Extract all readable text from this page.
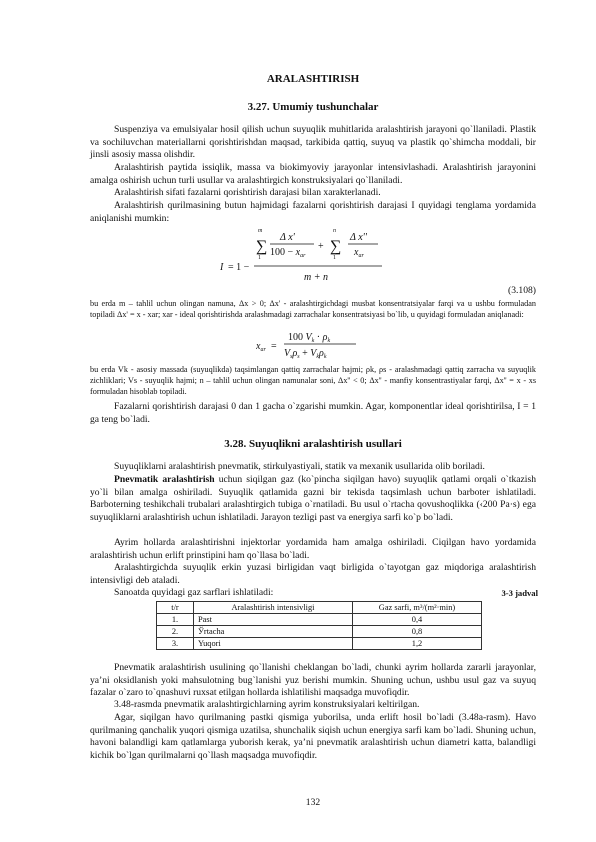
ARALASHTIRISH
3.27. Umumiy tushunchalar
Suspenziya va emulsiyalar hosil qilish uchun suyuqlik muhitlarida aralashtirish jarayoni qo`llaniladi. Plastik va sochiluvchan materiallarni qorishtirishdan maqsad, tarkibida qattiq, suyuq va plastik qo`shimcha moddali, bir jinsli asosiy massa olishdir.
Aralashtirish paytida issiqlik, massa va biokimyoviy jarayonlar intensivlashadi. Aralashtirish jarayonini amalga oshirish uchun turli usullar va aralashtirgich konstruksiyalari qo`llaniladi.
Aralashtirish sifati fazalarni qorishtirish darajasi bilan xarakterlanadi.
Aralashtirish qurilmasining butun hajmidagi fazalarni qorishtirish darajasi I quyidagi tenglama yordamida aniqlanishi mumkin:
I = 1 −
m
∑
1
Δ x'
$100 - x_{ar}$
+
n
∑
1
Δ x''
$x_{ar}$
m + n
(3.108)
bu erda m – tahlil uchun olingan namuna, Δx > 0; Δx' - aralashtirgichdagi musbat konsentratsiyalar farqi va u ushbu formuladan topiladi Δx' = x - xar; xar - ideal qorishtirishda aralashmadagi zarrachalar konsentratsiyasi bo`lib, u quyidagi formuladan aniqlanadi:
$x_{ar}$ =
100 $V_k \cdot \rho_k$
$V_s\rho_s + V_k\rho_k$
bu erda Vk - asosiy massada (suyuqlikda) taqsimlangan qattiq zarrachalar hajmi; ρk, ρs - aralashmadagi qattiq zarracha va suyuqlik zichliklari; Vs - suyuqlik hajmi; n – tahlil uchun olingan namunalar soni, Δx'' < 0; Δx'' - manfiy konsentrastiyalar farqi, Δx'' = x - xs formuladan hisoblab topiladi.
Fazalarni qorishtirish darajasi 0 dan 1 gacha o`zgarishi mumkin. Agar, komponentlar ideal qorishtirilsa, I = 1 ga teng bo`ladi.
3.28. Suyuqlikni aralashtirish usullari
Suyuqliklarni aralashtirish pnevmatik, stirkulyastiyali, statik va mexanik usullarida olib boriladi.
Pnevmatik aralashtirish uchun siqilgan gaz (ko`pincha siqilgan havo) suyuqlik qatlami orqali o`tkazish yo`li bilan amalga oshiriladi. Suyuqlik qatlamida gazni bir tekisda taqsimlash uchun barboter ishlatiladi. Barboterning teshikchali trubalari aralashtirgich tubiga o`rnatiladi. Bu usul o`rtacha qovushoqlikka (‹200 Pa·s) ega suyuqliklarni aralashtirish uchun ishlatiladi. Jarayon tezligi past va energiya sarfi ko`p bo`ladi.
Ayrim hollarda aralashtirishni injektorlar yordamida ham amalga oshiriladi. Ciqilgan havo yordamida aralashtirish uchun erlift prinstipini ham qo`llasa bo`ladi.
Aralashtirgichda suyuqlik erkin yuzasi birligidan vaqt birligida o`tayotgan gaz miqdoriga aralashtirish intensivligi deb ataladi.
Sanoatda quyidagi gaz sarflari ishlatiladi:	3-3 jadval
t/r	Aralashtirish intensivligi	Gaz sarfi, m³/(m²·min)
1.	Past	0,4
2.	Ўrtacha	0,8
3.	Yuqori	1,2
Pnevmatik aralashtirish usulining qo`llanishi cheklangan bo`ladi, chunki ayrim hollarda zararli jarayonlar, ya’ni oksidlanish yoki mahsulotning bug`lanishi yuz berishi mumkin. Shuning uchun, ushbu usul gaz va suyuq fazalar o`zaro to`qnashuvi ruxsat etilgan hollarda ishlatilishi maqsadga muvofiqdir.
3.48-rasmda pnevmatik aralashtirgichlarning ayrim konstruksiyalari keltirilgan.
Agar, siqilgan havo qurilmaning pastki qismiga yuborilsa, unda erlift hosil bo`ladi (3.48a-rasm). Havo qurilmaning qanchalik yuqori qismiga uzatilsa, shunchalik siqish uchun energiya sarfi kam bo`ladi. Shuning uchun, havoni balandligi kam qatlamlarga yuborish kerak, ya’ni pnevmatik aralashtirish uchun diametri katta, balandligi kichik bo`lgan qurilmalarni qo`llash maqsadga muvofiqdir.
132
